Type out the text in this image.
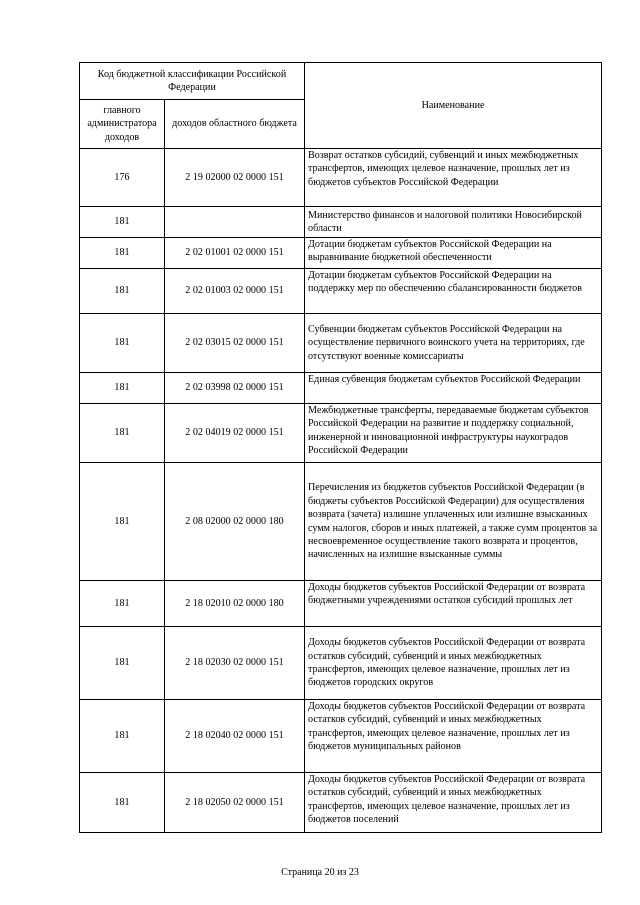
Код бюджетной классификации Российской Федерации		Наименование
главного администратора доходов	доходов областного бюджета	
176	2 19 02000 02 0000 151	Возврат остатков субсидий, субвенций и иных межбюджетных трансфертов, имеющих целевое назначение, прошлых лет из бюджетов субъектов Российской Федерации
181		Министерство финансов и налоговой политики Новосибирской области
181	2 02 01001 02 0000 151	Дотации бюджетам субъектов Российской Федерации на выравнивание бюджетной обеспеченности
181	2 02 01003 02 0000 151	Дотации бюджетам субъектов Российской Федерации на поддержку мер по обеспечению сбалансированности бюджетов
181	2 02 03015 02 0000 151	Субвенции бюджетам субъектов Российской Федерации на осуществление первичного воинского учета на территориях, где отсутствуют военные комиссариаты
181	2 02 03998 02 0000 151	Единая субвенция бюджетам субъектов Российской Федерации
181	2 02 04019 02 0000 151	Межбюджетные трансферты, передаваемые бюджетам субъектов Российской Федерации на развитие и поддержку социальной, инженерной и инновационной инфраструктуры наукоградов Российской Федерации
181	2 08 02000 02 0000 180	Перечисления из бюджетов субъектов Российской Федерации (в бюджеты субъектов Российской Федерации) для осуществления возврата (зачета) излишне уплаченных или излишне взысканных сумм налогов, сборов и иных платежей, а также сумм процентов за несвоевременное осуществление такого возврата и процентов, начисленных на излишне взысканные суммы
181	2 18 02010 02 0000 180	Доходы бюджетов субъектов Российской Федерации от возврата бюджетными учреждениями остатков субсидий прошлых лет
181	2 18 02030 02 0000 151	Доходы бюджетов субъектов Российской Федерации от возврата остатков субсидий, субвенций и иных межбюджетных трансфертов, имеющих целевое назначение, прошлых лет из бюджетов городских округов
181	2 18 02040 02 0000 151	Доходы бюджетов субъектов Российской Федерации от возврата остатков субсидий, субвенций и иных межбюджетных трансфертов, имеющих целевое назначение, прошлых лет из бюджетов муниципальных районов
181	2 18 02050 02 0000 151	Доходы бюджетов субъектов Российской Федерации от возврата остатков субсидий, субвенций и иных межбюджетных трансфертов, имеющих целевое назначение, прошлых лет из бюджетов поселений
Страница 20 из 23
